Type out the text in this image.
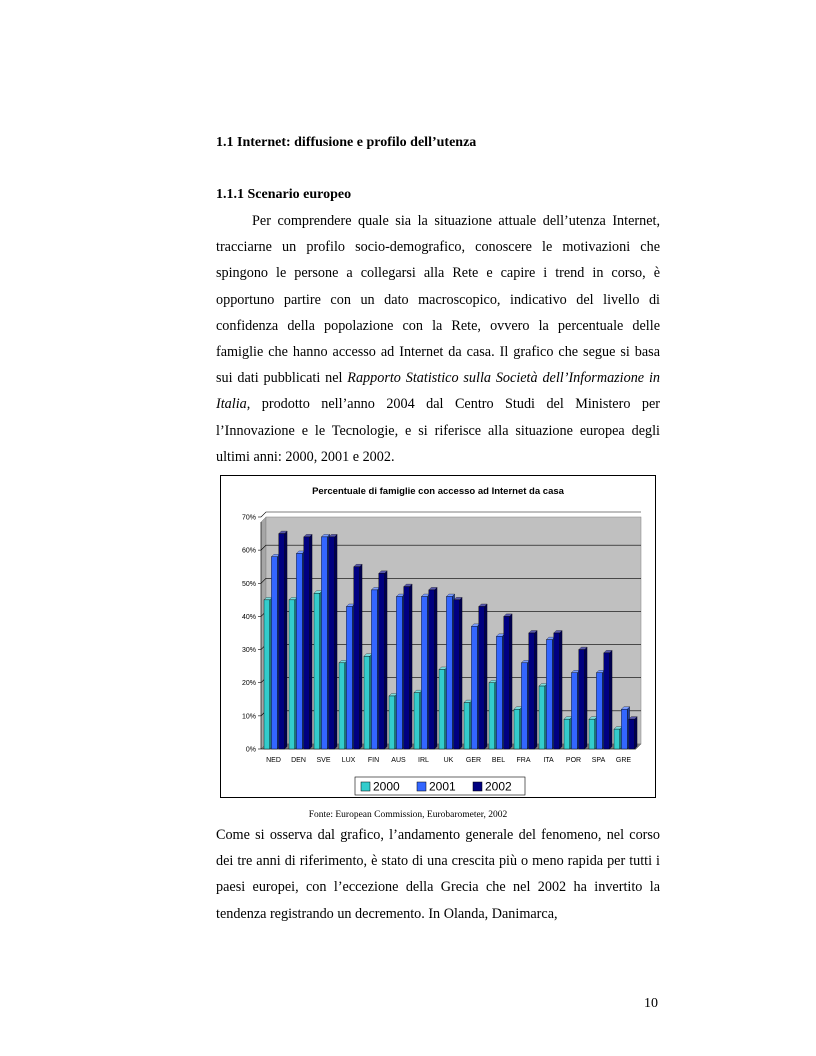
1.1 Internet: diffusione e profilo dell’utenza
1.1.1 Scenario europeo

Per comprendere quale sia la situazione attuale dell’utenza Internet, tracciarne un profilo socio-demografico, conoscere le motivazioni che spingono le persone a collegarsi alla Rete e capire i trend in corso, è opportuno partire con un dato macroscopico, indicativo del livello di confidenza della popolazione con la Rete, ovvero la percentuale delle famiglie che hanno accesso ad Internet da casa. Il grafico che segue si basa sui dati pubblicati nel Rapporto Statistico sulla Società dell’Informazione in Italia, prodotto nell’anno 2004 dal Centro Studi del Ministero per l’Innovazione e le Tecnologie, e si riferisce alla situazione europea degli ultimi anni: 2000, 2001 e 2002.

Percentuale di famiglie con accesso ad Internet da casa
0%
10%
20%
30%
40%
50%
60%
70%
NED DEN SVE LUX FIN AUS IRL UK GER BEL FRA ITA POR SPA GRE
2000 2001 2002
Fonte: European Commission, Eurobarometer, 2002

Come si osserva dal grafico, l’andamento generale del fenomeno, nel corso dei tre anni di riferimento, è stato di una crescita più o meno rapida per tutti i paesi europei, con l’eccezione della Grecia che nel 2002 ha invertito la tendenza registrando un decremento. In Olanda, Danimarca,

10
